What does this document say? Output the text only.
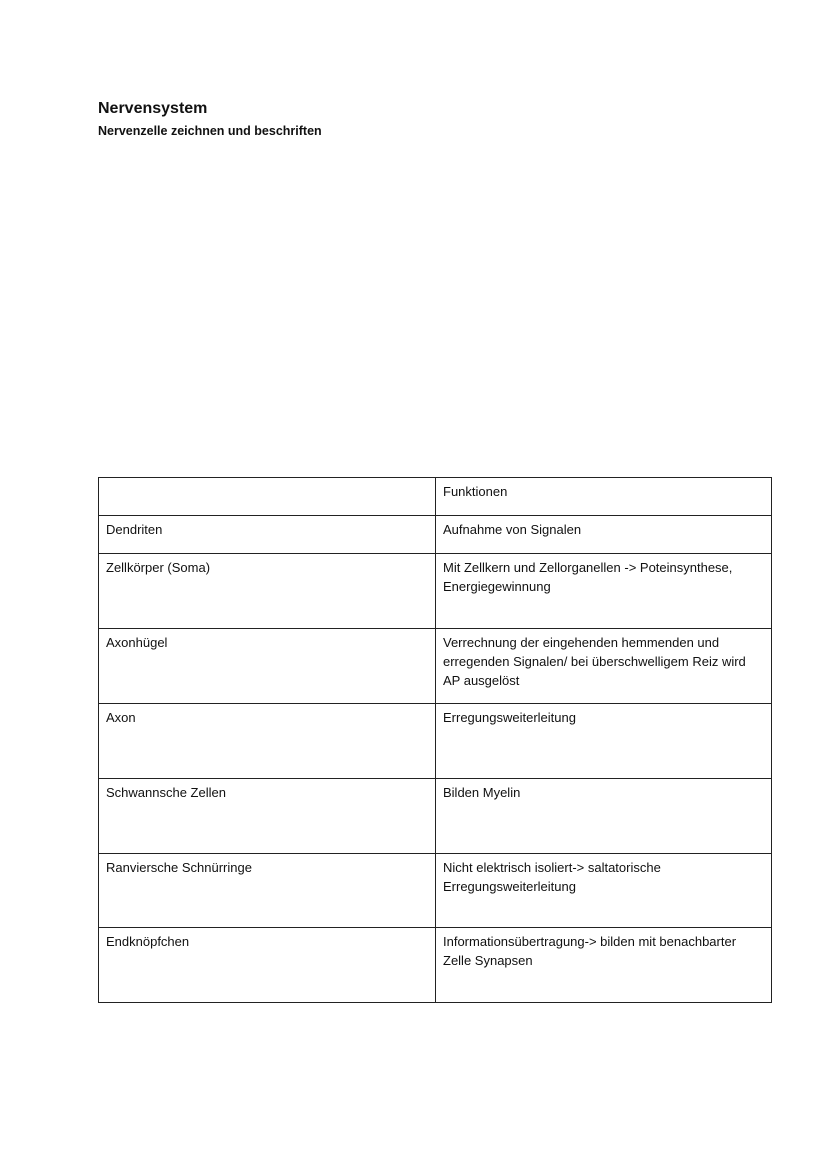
Nervensystem
Nervenzelle zeichnen und beschriften
	Funktionen
Dendriten	Aufnahme von Signalen
Zellkörper (Soma)	Mit Zellkern und Zellorganellen -> Poteinsynthese, Energiegewinnung
Axonhügel	Verrechnung der eingehenden hemmenden und erregenden Signalen/ bei überschwelligem Reiz wird AP ausgelöst
Axon	Erregungsweiterleitung
Schwannsche Zellen	Bilden Myelin
Ranviersche Schnürringe	Nicht elektrisch isoliert-> saltatorische Erregungsweiterleitung
Endknöpfchen	Informationsübertragung-> bilden mit benachbarter Zelle Synapsen
